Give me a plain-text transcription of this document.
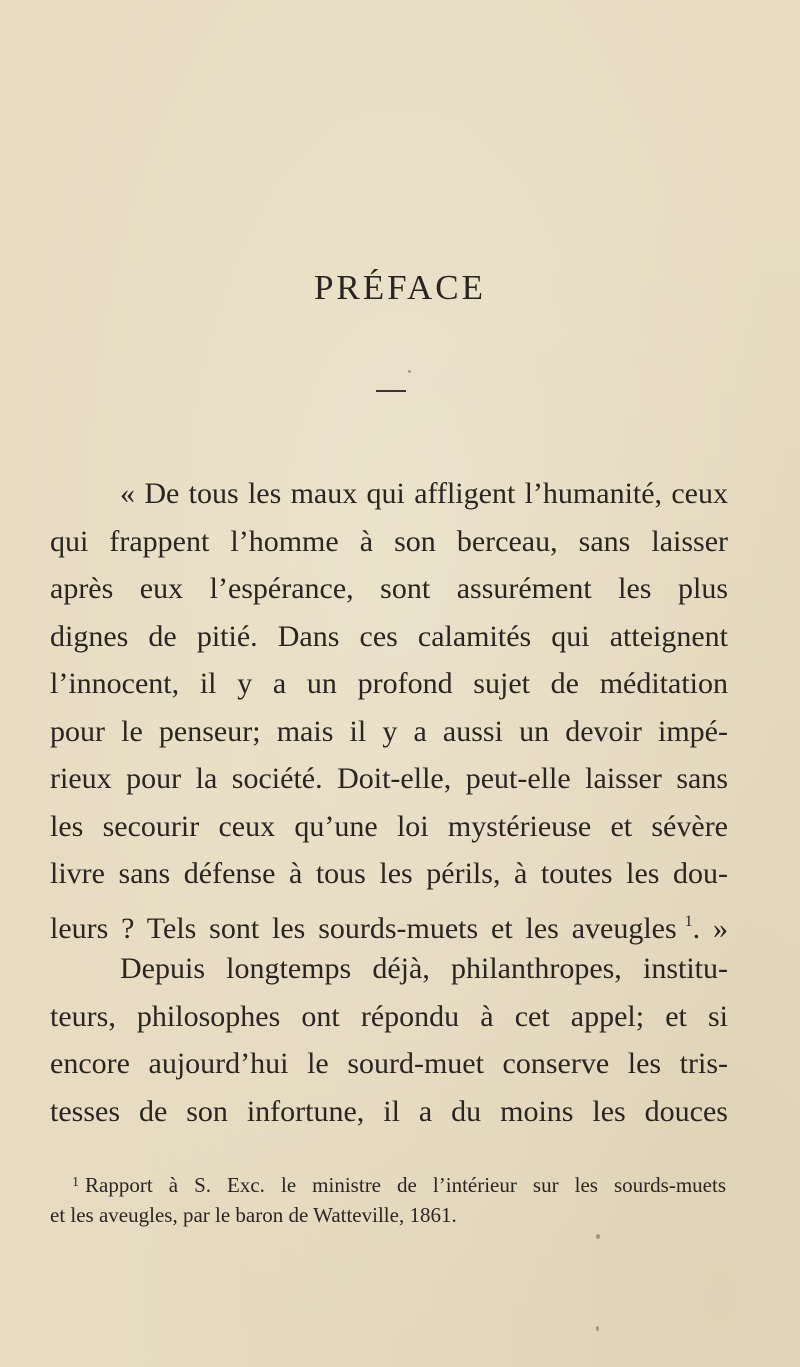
PRÉFACE
« De tous les maux qui affligent l’humanité, ceux
qui frappent l’homme à son berceau, sans laisser
après eux l’espérance, sont assurément les plus
dignes de pitié. Dans ces calamités qui atteignent
l’innocent, il y a un profond sujet de méditation
pour le penseur; mais il y a aussi un devoir impé-
rieux pour la société. Doit-elle, peut-elle laisser sans
les secourir ceux qu’une loi mystérieuse et sévère
livre sans défense à tous les périls, à toutes les dou-
leurs ? Tels sont les sourds-muets et les aveugles $^1$. »
Depuis longtemps déjà, philanthropes, institu-
teurs, philosophes ont répondu à cet appel; et si
encore aujourd’hui le sourd-muet conserve les tris-
tesses de son infortune, il a du moins les douces
$^1$ Rapport à S. Exc. le ministre de l’intérieur sur les sourds-muets
et les aveugles, par le baron de Watteville, 1861.
